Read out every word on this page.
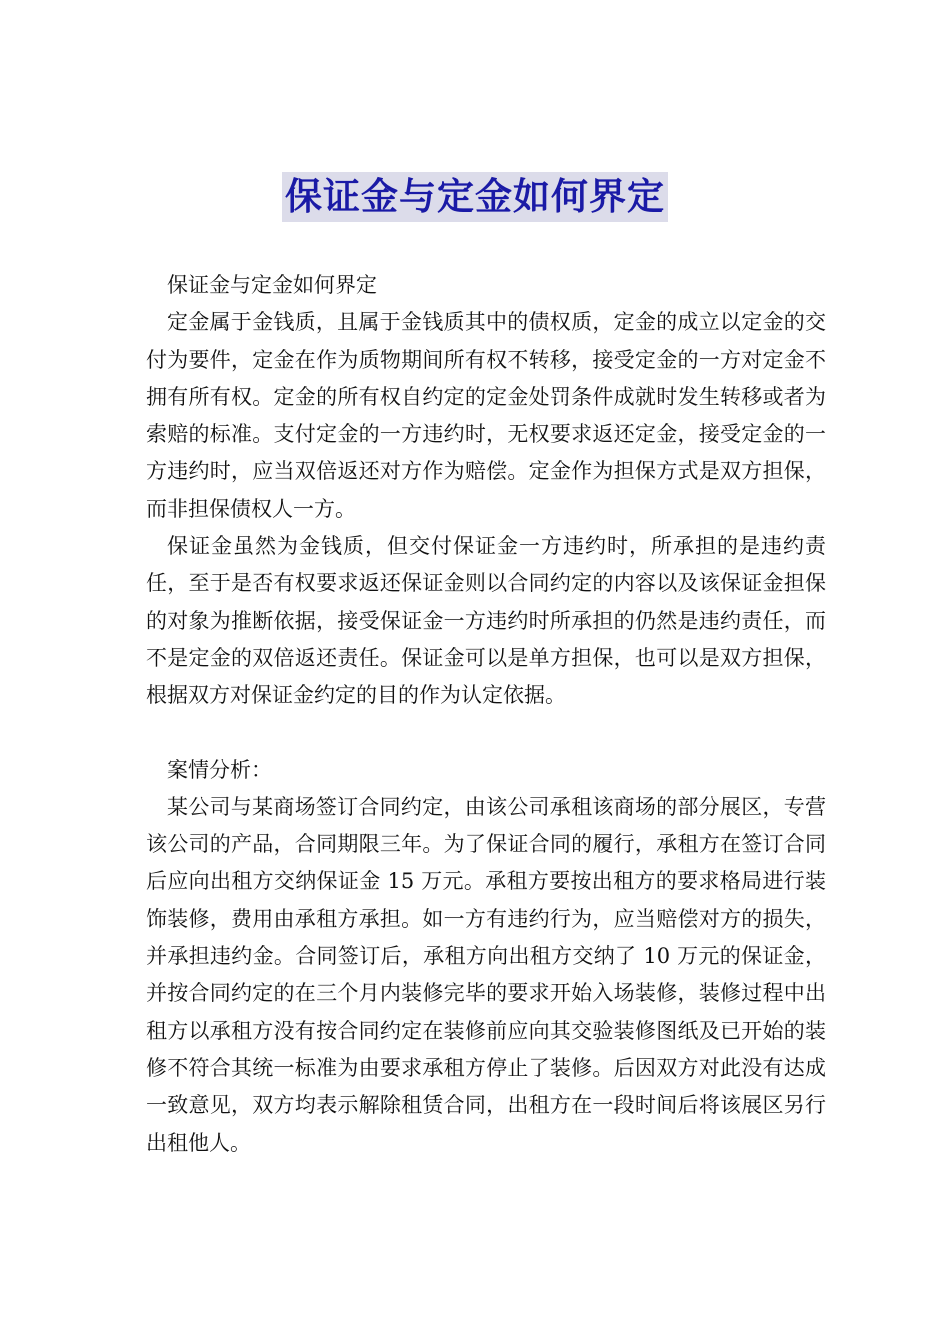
保证金与定金如何界定

保证金与定金如何界定

定金属于金钱质，且属于金钱质其中的债权质，定金的成立以定金的交付为要件，定金在作为质物期间所有权不转移，接受定金的一方对定金不拥有所有权。定金的所有权自约定的定金处罚条件成就时发生转移或者为索赔的标准。支付定金的一方违约时，无权要求返还定金，接受定金的一方违约时，应当双倍返还对方作为赔偿。定金作为担保方式是双方担保，而非担保债权人一方。

保证金虽然为金钱质，但交付保证金一方违约时，所承担的是违约责任，至于是否有权要求返还保证金则以合同约定的内容以及该保证金担保的对象为推断依据，接受保证金一方违约时所承担的仍然是违约责任，而不是定金的双倍返还责任。保证金可以是单方担保，也可以是双方担保，根据双方对保证金约定的目的作为认定依据。

案情分析：

某公司与某商场签订合同约定，由该公司承租该商场的部分展区，专营该公司的产品，合同期限三年。为了保证合同的履行，承租方在签订合同后应向出租方交纳保证金 15 万元。承租方要按出租方的要求格局进行装饰装修，费用由承租方承担。如一方有违约行为，应当赔偿对方的损失，并承担违约金。合同签订后，承租方向出租方交纳了 10 万元的保证金，并按合同约定的在三个月内装修完毕的要求开始入场装修，装修过程中出租方以承租方没有按合同约定在装修前应向其交验装修图纸及已开始的装修不符合其统一标准为由要求承租方停止了装修。后因双方对此没有达成一致意见，双方均表示解除租赁合同，出租方在一段时间后将该展区另行出租他人。
